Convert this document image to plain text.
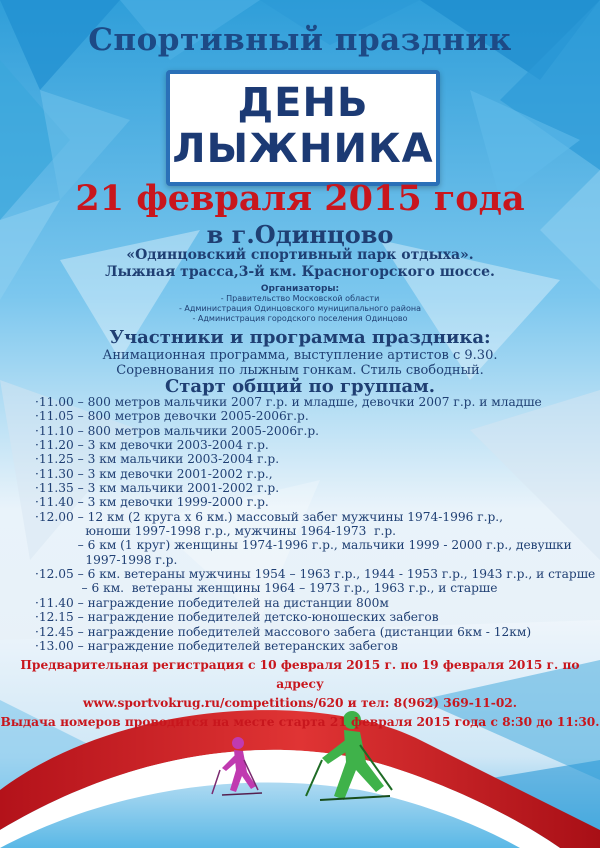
Спортивный праздник
ДЕНЬ
ЛЫЖНИКА
21 февраля 2015 года
в г.Одинцово
«Одинцовский спортивный парк отдыха».
Лыжная трасса,3-й км. Красногорского шоссе.
Организаторы:
- Правительство Московской области
- Администрация Одинцовского муниципального района
- Администрация городского поселения Одинцово
Участники и программа праздника:
Анимационная программа, выступление артистов с 9.30.
Соревнования по лыжным гонкам. Стиль свободный.
Старт общий по группам.
·11.00 – 800 метров мальчики 2007 г.р. и младше, девочки 2007 г.р. и младше
·11.05 – 800 метров девочки 2005-2006г.р.
·11.10 – 800 метров мальчики 2005-2006г.р.
·11.20 – 3 км девочки 2003-2004 г.р.
·11.25 – 3 км мальчики 2003-2004 г.р.
·11.30 – 3 км девочки 2001-2002 г.р.,
·11.35 – 3 км мальчики 2001-2002 г.р.
·11.40 – 3 км девочки 1999-2000 г.р.
·12.00 – 12 км (2 круга х 6 км.) массовый забег мужчины 1974-1996 г.р.,
юноши 1997-1998 г.р., мужчины 1964-1973  г.р.
– 6 км (1 круг) женщины 1974-1996 г.р., мальчики 1999 - 2000 г.р., девушки
1997-1998 г.р.
·12.05 – 6 км. ветераны мужчины 1954 – 1963 г.р., 1944 - 1953 г.р., 1943 г.р., и старше
– 6 км.  ветераны женщины 1964 – 1973 г.р., 1963 г.р., и старше
·11.40 – награждение победителей на дистанции 800м
·12.15 – награждение победителей детско-юношеских забегов
·12.45 – награждение победителей массового забега (дистанции 6км - 12км)
·13.00 – награждение победителей ветеранских забегов
Предварительная регистрация с 10 февраля 2015 г. по 19 февраля 2015 г. по адресу
www.sportvokrug.ru/competitions/620 и тел: 8(962) 369-11-02.
Выдача номеров проводится на месте старта 21 февраля 2015 года с 8:30 до 11:30.
